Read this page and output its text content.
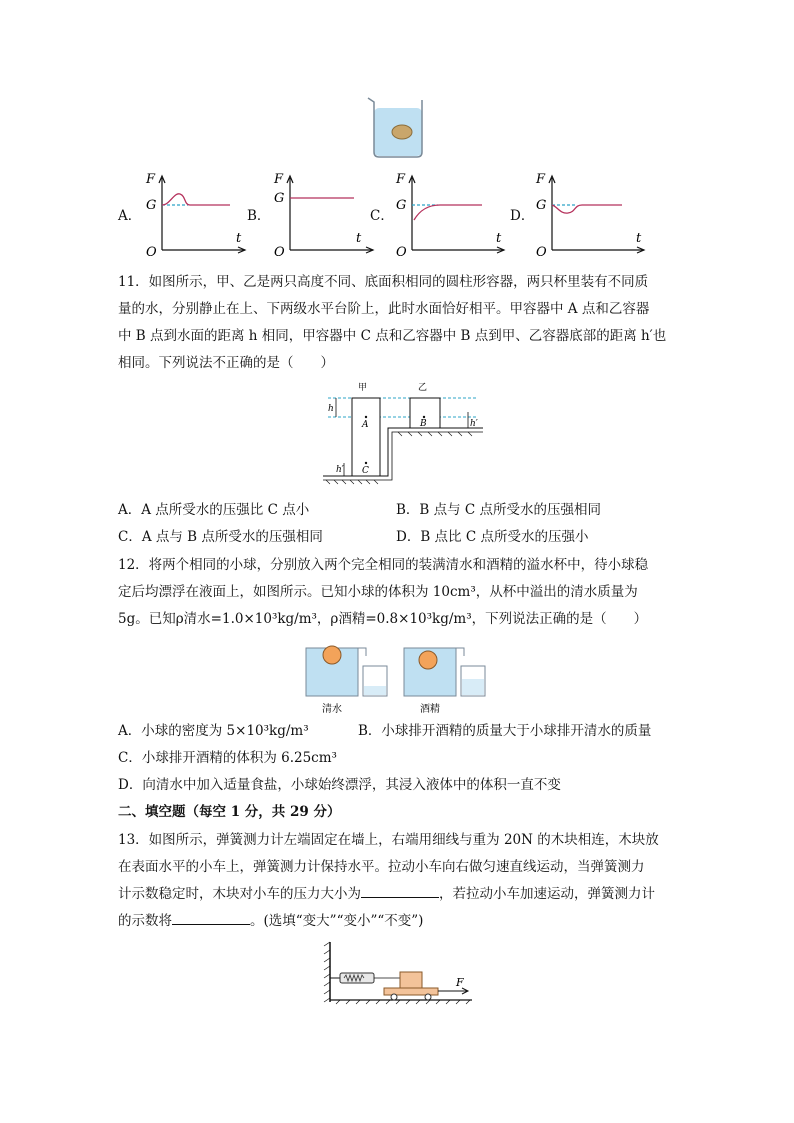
A．
F
G
O
t
B．
F
G
O
t
C．
F
G
O
t
D．
F
G
O
t
11．如图所示，甲、乙是两只高度不同、底面积相同的圆柱形容器，两只杯里装有不同质
量的水，分别静止在上、下两级水平台阶上，此时水面恰好相平。甲容器中 A 点和乙容器
中 B 点到水面的距离 h 相同，甲容器中 C 点和乙容器中 B 点到甲、乙容器底部的距离 h′也
相同。下列说法不正确的是（　　）
甲	乙
h
h′
h′
A	B
C
A．A 点所受水的压强比 C 点小	B．B 点与 C 点所受水的压强相同
C．A 点与 B 点所受水的压强相同	D．B 点比 C 点所受水的压强小
12．将两个相同的小球，分别放入两个完全相同的装满清水和酒精的溢水杯中，待小球稳
定后均漂浮在液面上，如图所示。已知小球的体积为 10cm³，从杯中溢出的清水质量为
5g。已知ρ清水=1.0×10³kg/m³，ρ酒精=0.8×10³kg/m³，下列说法正确的是（　　）
清水	酒精
A．小球的密度为 5×10³kg/m³	B．小球排开酒精的质量大于小球排开清水的质量
C．小球排开酒精的体积为 6.25cm³
D．向清水中加入适量食盐，小球始终漂浮，其浸入液体中的体积一直不变
二、填空题（每空 1 分，共 29 分）
13．如图所示，弹簧测力计左端固定在墙上，右端用细线与重为 20N 的木块相连，木块放
在表面水平的小车上，弹簧测力计保持水平。拉动小车向右做匀速直线运动，当弹簧测力
计示数稳定时，木块对小车的压力大小为	，若拉动小车加速运动，弹簧测力计
的示数将	。(选填“变大”“变小”“不变”)
F
